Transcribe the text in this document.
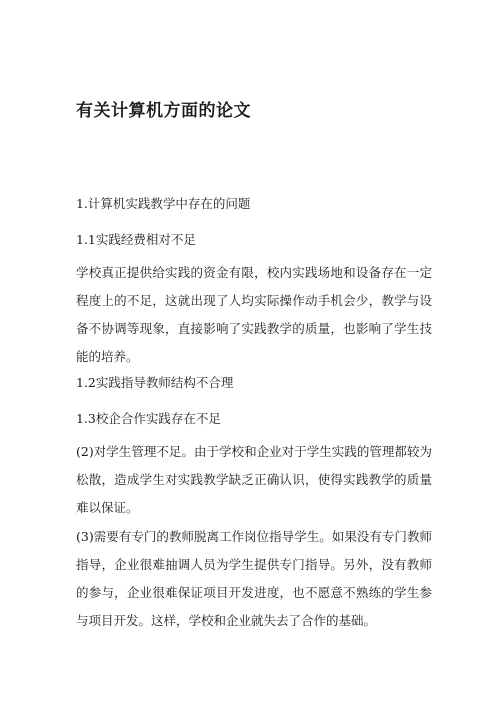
有关计算机方面的论文

1.计算机实践教学中存在的问题

1.1实践经费相对不足

学校真正提供给实践的资金有限，校内实践场地和设备存在一定程度上的不足，这就出现了人均实际操作动手机会少，教学与设备不协调等现象，直接影响了实践教学的质量，也影响了学生技能的培养。

1.2实践指导教师结构不合理

1.3校企合作实践存在不足

(2)对学生管理不足。由于学校和企业对于学生实践的管理都较为松散，造成学生对实践教学缺乏正确认识，使得实践教学的质量难以保证。

(3)需要有专门的教师脱离工作岗位指导学生。如果没有专门教师指导，企业很难抽调人员为学生提供专门指导。另外，没有教师的参与，企业很难保证项目开发进度，也不愿意不熟练的学生参与项目开发。这样，学校和企业就失去了合作的基础。
